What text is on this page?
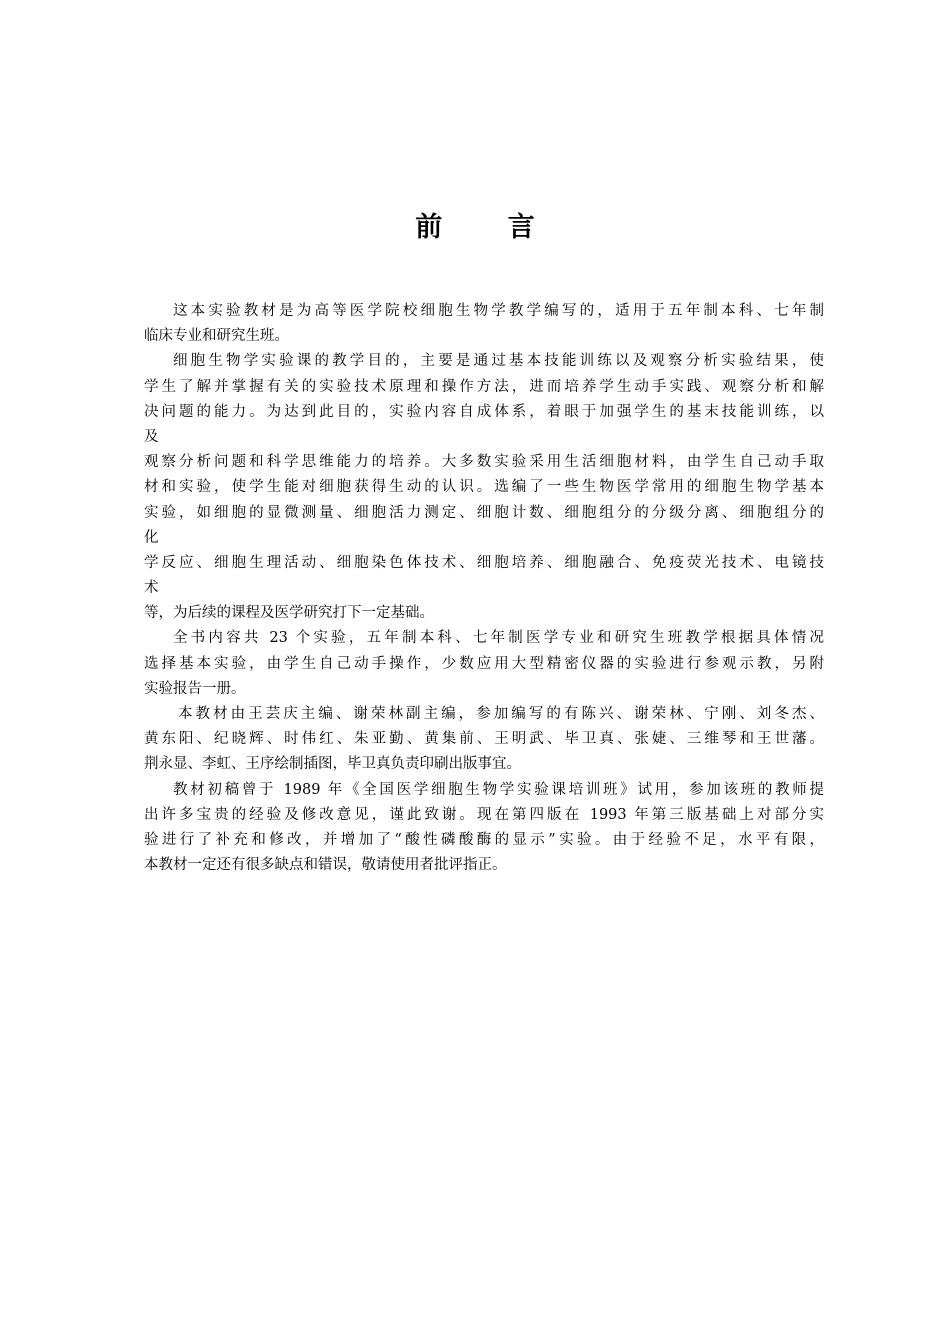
前 言
这本实验教材是为高等医学院校细胞生物学教学编写的，适用于五年制本科、七年制
临床专业和研究生班。
细胞生物学实验课的教学目的，主要是通过基本技能训练以及观察分析实验结果，使
学生了解并掌握有关的实验技术原理和操作方法，进而培养学生动手实践、观察分析和解
决问题的能力。为达到此目的，实验内容自成体系，着眼于加强学生的基末技能训练，以
及
观察分析问题和科学思维能力的培养。大多数实验采用生活细胞材料，由学生自己动手取
材和实验，使学生能对细胞获得生动的认识。选编了一些生物医学常用的细胞生物学基本
实验，如细胞的显微测量、细胞活力测定、细胞计数、细胞组分的分级分离、细胞组分的
化
学反应、细胞生理活动、细胞染色体技术、细胞培养、细胞融合、免疫荧光技术、电镜技
术
等，为后续的课程及医学研究打下一定基础。
全书内容共 23 个实验，五年制本科、七年制医学专业和研究生班教学根据具体情况
选择基本实验，由学生自己动手操作，少数应用大型精密仪器的实验进行参观示教，另附
实验报告一册。
本教材由王芸庆主编、谢荣林副主编，参加编写的有陈兴、谢荣林、宁刚、刘冬杰、
黄东阳、纪晓辉、时伟红、朱亚勤、黄集前、王明武、毕卫真、张婕、三维琴和王世藩。
荆永显、李虹、王序绘制插图，毕卫真负责印刷出版事宜。
教材初稿曾于 1989 年《全国医学细胞生物学实验课培训班》试用，参加该班的教师提
出许多宝贵的经验及修改意见，谨此致谢。现在第四版在 1993 年第三版基础上对部分实
验进行了补充和修改，并增加了“酸性磷酸酶的显示”实验。由于经验不足，水平有限，
本教材一定还有很多缺点和错误，敬请使用者批评指正。
